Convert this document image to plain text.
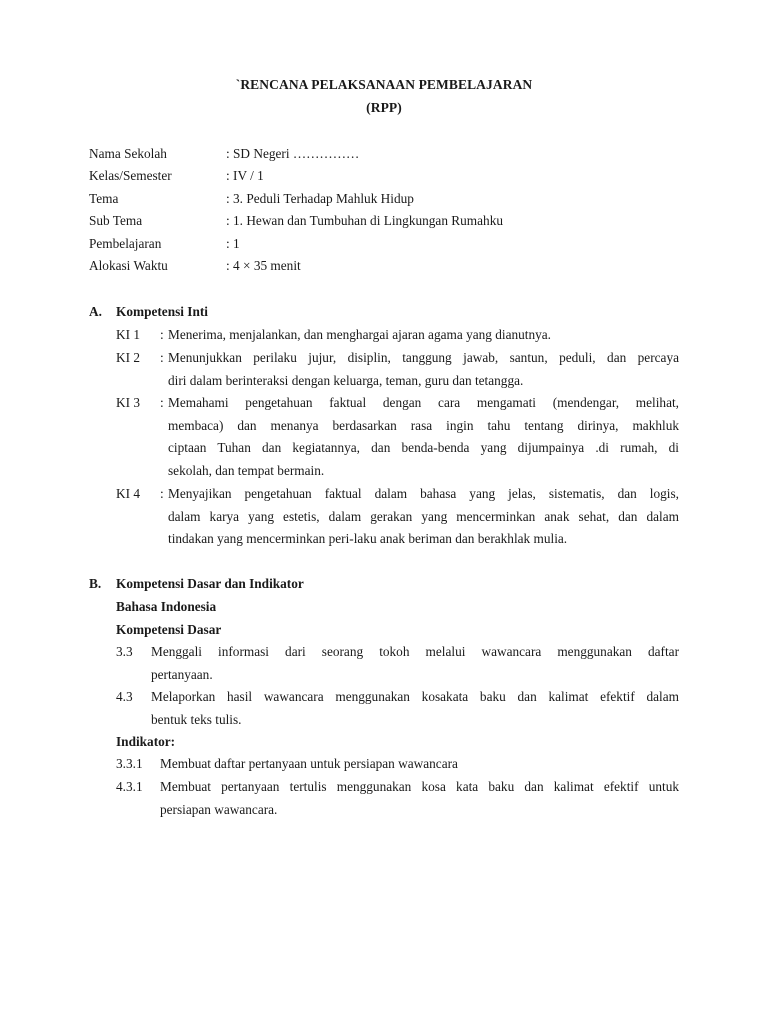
`RENCANA PELAKSANAAN PEMBELAJARAN
(RPP)
Nama Sekolah	: SD Negeri ……………
Kelas/Semester	: IV / 1
Tema	: 3. Peduli Terhadap Mahluk Hidup
Sub Tema	: 1. Hewan dan Tumbuhan di Lingkungan Rumahku
Pembelajaran	: 1
Alokasi Waktu	: 4 × 35 menit
A. Kompetensi Inti
KI 1 : Menerima, menjalankan, dan menghargai ajaran agama yang dianutnya.
KI 2 : Menunjukkan perilaku jujur, disiplin, tanggung jawab, santun, peduli, dan percaya
diri dalam berinteraksi dengan keluarga, teman, guru dan tetangga.
KI 3 : Memahami pengetahuan faktual dengan cara mengamati (mendengar, melihat,
membaca) dan menanya berdasarkan rasa ingin tahu tentang dirinya, makhluk
ciptaan Tuhan dan kegiatannya, dan benda-benda yang dijumpainya .di rumah, di
sekolah, dan tempat bermain.
KI 4 : Menyajikan pengetahuan faktual dalam bahasa yang jelas, sistematis, dan logis,
dalam karya yang estetis, dalam gerakan yang mencerminkan anak sehat, dan dalam
tindakan yang mencerminkan peri-laku anak beriman dan berakhlak mulia.
B. Kompetensi Dasar dan Indikator
Bahasa Indonesia
Kompetensi Dasar
3.3 Menggali informasi dari seorang tokoh melalui wawancara menggunakan daftar
pertanyaan.
4.3 Melaporkan hasil wawancara menggunakan kosakata baku dan kalimat efektif dalam
bentuk teks tulis.
Indikator:
3.3.1 Membuat daftar pertanyaan untuk persiapan wawancara
4.3.1 Membuat pertanyaan tertulis menggunakan kosa kata baku dan kalimat efektif untuk
persiapan wawancara.
